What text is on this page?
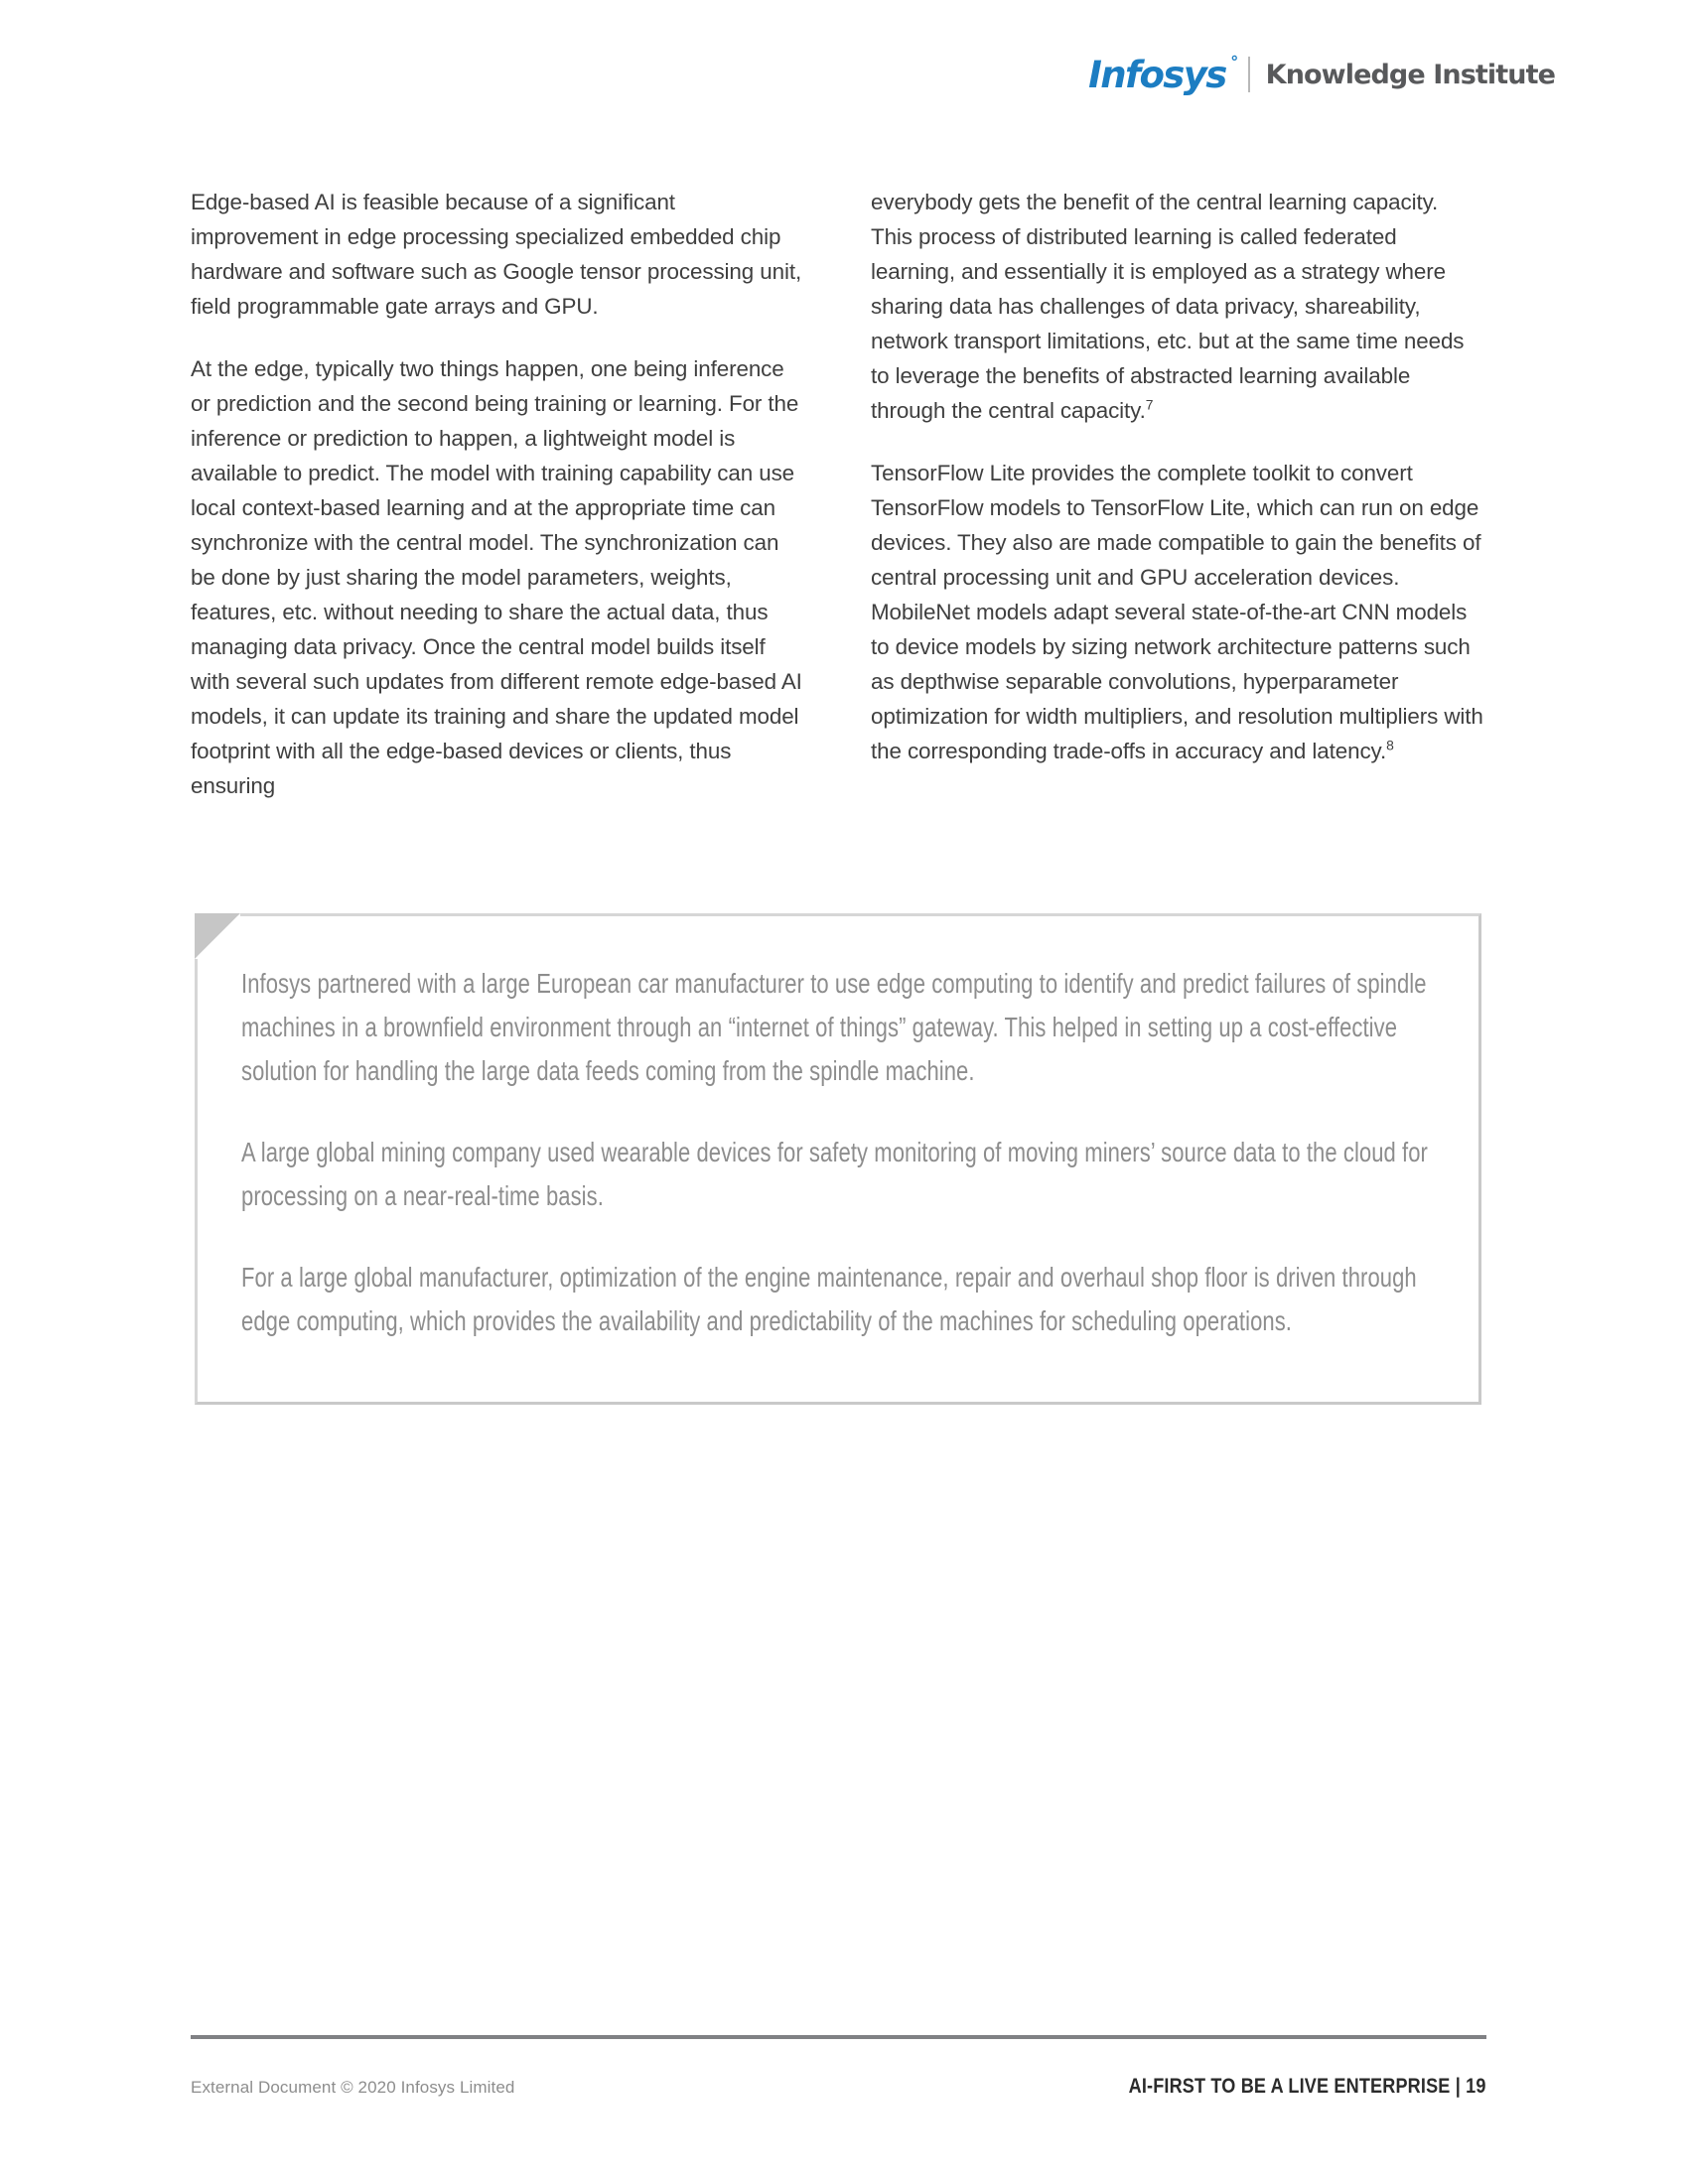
Infosys ° Knowledge Institute

Edge-based AI is feasible because of a significant improvement in edge processing specialized embedded chip hardware and software such as Google tensor processing unit, field programmable gate arrays and GPU.

At the edge, typically two things happen, one being inference or prediction and the second being training or learning. For the inference or prediction to happen, a lightweight model is available to predict. The model with training capability can use local context-based learning and at the appropriate time can synchronize with the central model. The synchronization can be done by just sharing the model parameters, weights, features, etc. without needing to share the actual data, thus managing data privacy. Once the central model builds itself with several such updates from different remote edge-based AI models, it can update its training and share the updated model footprint with all the edge-based devices or clients, thus ensuring

everybody gets the benefit of the central learning capacity. This process of distributed learning is called federated learning, and essentially it is employed as a strategy where sharing data has challenges of data privacy, shareability, network transport limitations, etc. but at the same time needs to leverage the benefits of abstracted learning available through the central capacity.$^7$

TensorFlow Lite provides the complete toolkit to convert TensorFlow models to TensorFlow Lite, which can run on edge devices. They also are made compatible to gain the benefits of central processing unit and GPU acceleration devices. MobileNet models adapt several state-of-the-art CNN models to device models by sizing network architecture patterns such as depthwise separable convolutions, hyperparameter optimization for width multipliers, and resolution multipliers with the corresponding trade-offs in accuracy and latency.$^8$

Infosys partnered with a large European car manufacturer to use edge computing to identify and predict failures of spindle machines in a brownfield environment through an “internet of things” gateway. This helped in setting up a cost-effective solution for handling the large data feeds coming from the spindle machine.

A large global mining company used wearable devices for safety monitoring of moving miners’ source data to the cloud for processing on a near-real-time basis.

For a large global manufacturer, optimization of the engine maintenance, repair and overhaul shop floor is driven through edge computing, which provides the availability and predictability of the machines for scheduling operations.

External Document © 2020 Infosys Limited	AI-FIRST TO BE A LIVE ENTERPRISE | 19
